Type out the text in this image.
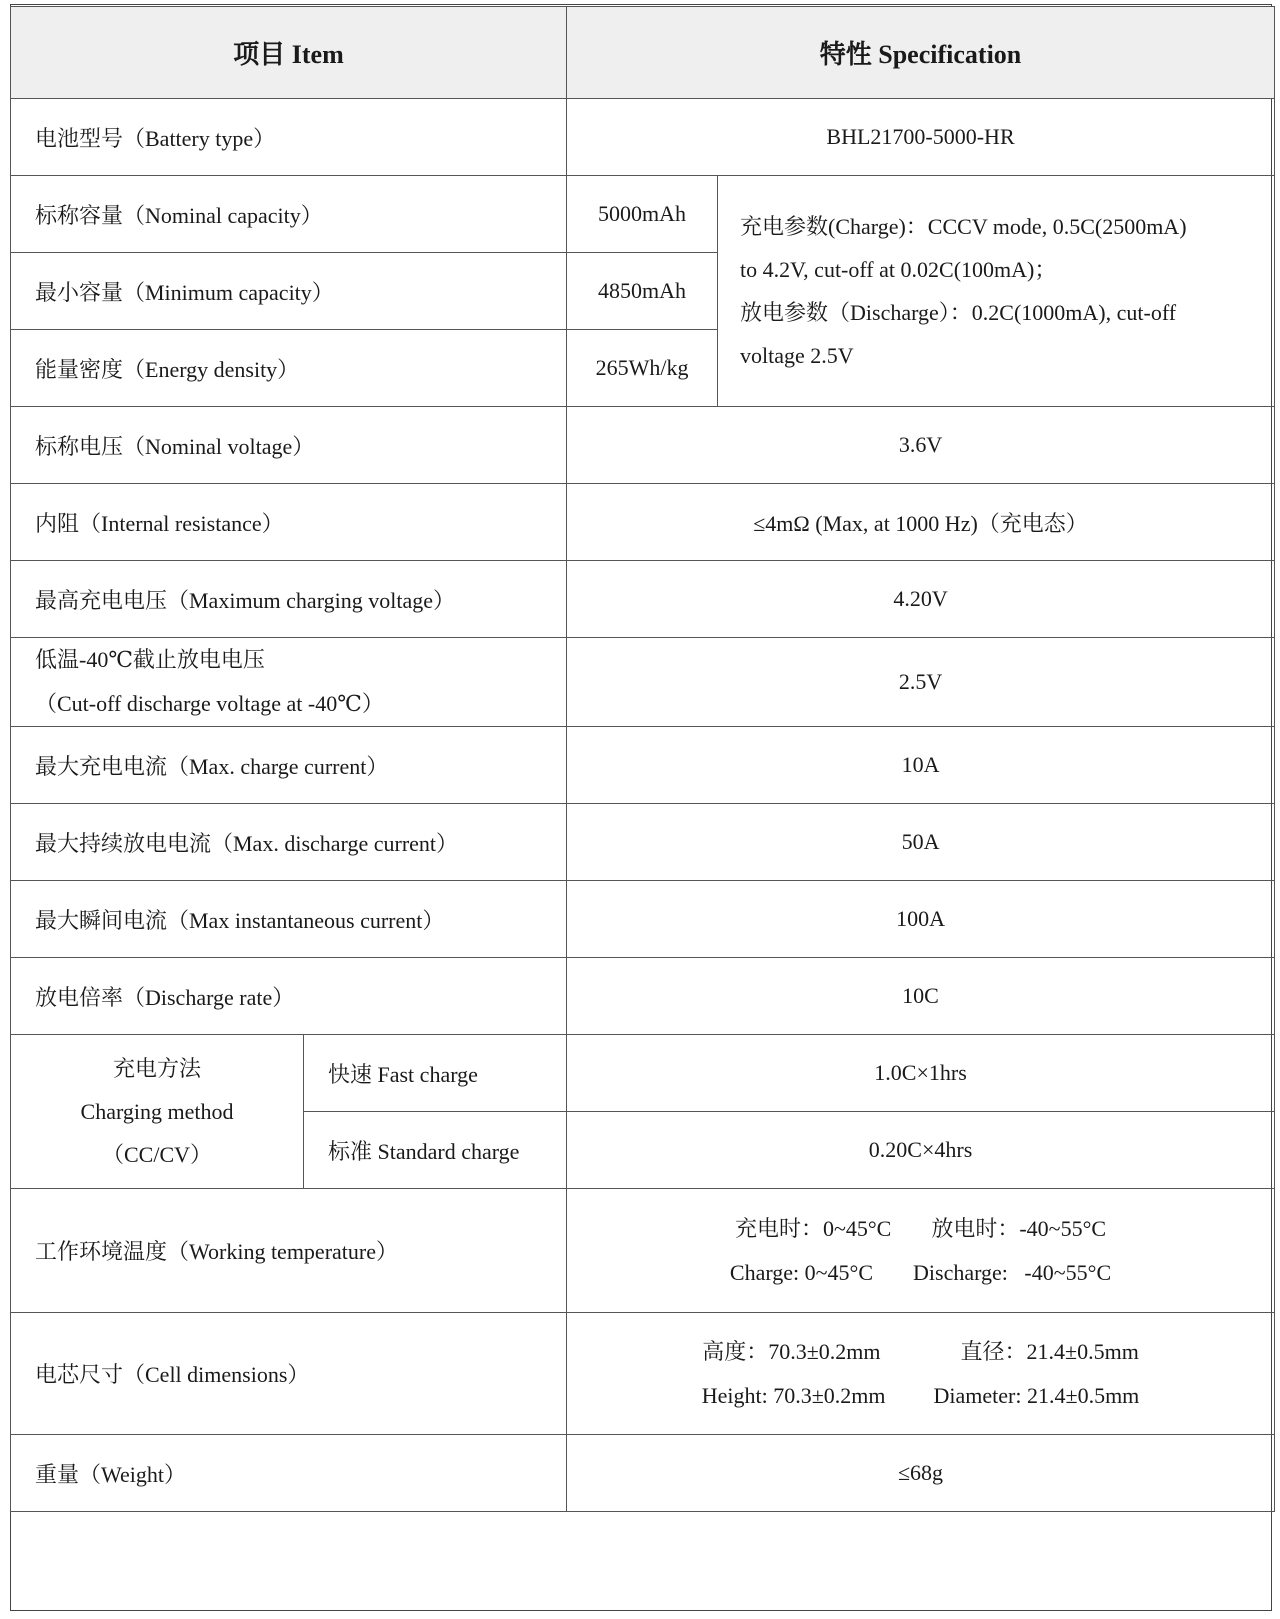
项目 Item		特性 Specification	
电池型号（Battery type）		BHL21700-5000-HR	
标称容量（Nominal capacity）		5000mAh	充电参数(Charge)：CCCV mode, 0.5C(2500mA)
to 4.2V, cut-off at 0.02C(100mA)；
放电参数（Discharge）：0.2C(1000mA), cut-off
voltage 2.5V

最小容量（Minimum capacity）		4850mAh	
能量密度（Energy density）		265Wh/kg	
标称电压（Nominal voltage）		3.6V	
内阻（Internal resistance）		≤4mΩ (Max, at 1000 Hz)（充电态）	
最高充电电压（Maximum charging voltage）		4.20V	

低温-40℃截止放电电压
（Cut-off discharge voltage at -40℃）		2.5V	
最大充电电流（Max. charge current）		10A	
最大持续放电电流（Max. discharge current）		50A	
最大瞬间电流（Max instantaneous current）		100A	
放电倍率（Discharge rate）		10C	

充电方法
Charging method
（CC/CV）	快速 Fast charge	1.0C×1hrs	
	标准 Standard charge	0.20C×4hrs	
工作环境温度（Working temperature）		充电时：0~45°C 放电时：-40~55°C
Charge: 0~45°C Discharge:   -40~55°C	

电芯尺寸（Cell dimensions）		高度：70.3±0.2mm 直径：21.4±0.5mm
Height: 70.3±0.2mm Diameter: 21.4±0.5mm	

重量（Weight）		≤68g	
